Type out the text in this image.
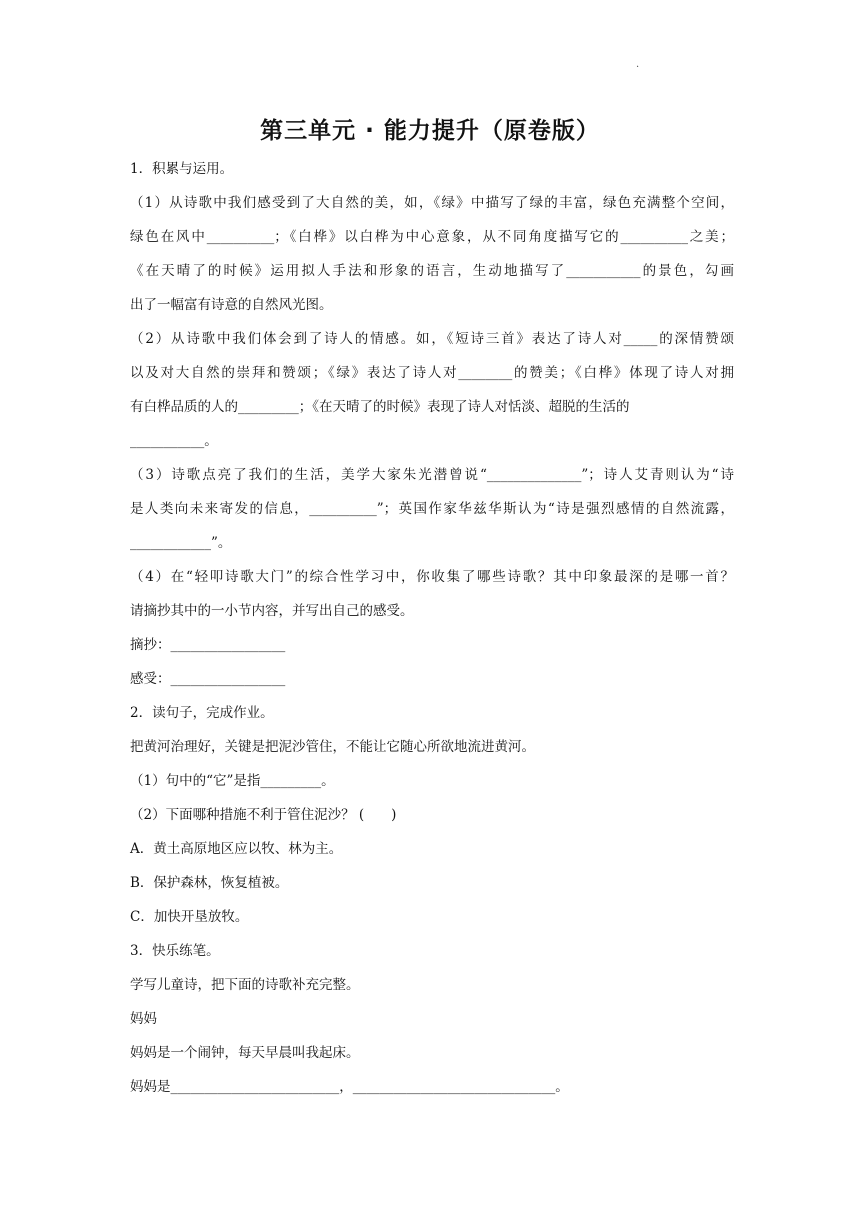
·
第三单元 · 能力提升（原卷版）
1．积累与运用。
（1）从诗歌中我们感受到了大自然的美，如，《绿》中描写了绿的丰富，绿色充满整个空间，
绿色在风中__________；《白桦》以白桦为中心意象，从不同角度描写它的__________之美；
《在天晴了的时候》运用拟人手法和形象的语言，生动地描写了___________的景色，勾画
出了一幅富有诗意的自然风光图。
（2）从诗歌中我们体会到了诗人的情感。如，《短诗三首》表达了诗人对_____的深情赞颂
以及对大自然的崇拜和赞颂；《绿》表达了诗人对________的赞美；《白桦》体现了诗人对拥
有白桦品质的人的_________；《在天晴了的时候》表现了诗人对恬淡、超脱的生活的
___________。
（3）诗歌点亮了我们的生活，美学大家朱光潜曾说“______________”；诗人艾青则认为“诗
是人类向未来寄发的信息，__________”；英国作家华兹华斯认为“诗是强烈感情的自然流露，
____________”。
（4）在“轻叩诗歌大门”的综合性学习中，你收集了哪些诗歌？其中印象最深的是哪一首？
请摘抄其中的一小节内容，并写出自己的感受。
摘抄：_________________
感受：_________________
2．读句子，完成作业。
把黄河治理好，关键是把泥沙管住，不能让它随心所欲地流进黄河。
（1）句中的“它”是指_________。
（2）下面哪种措施不利于管住泥沙？ (　　)
A．黄土高原地区应以牧、林为主。
B．保护森林，恢复植被。
C．加快开垦放牧。
3．快乐练笔。
学写儿童诗，把下面的诗歌补充完整。
妈妈
妈妈是一个闹钟，每天早晨叫我起床。
妈妈是_________________________，______________________________。
